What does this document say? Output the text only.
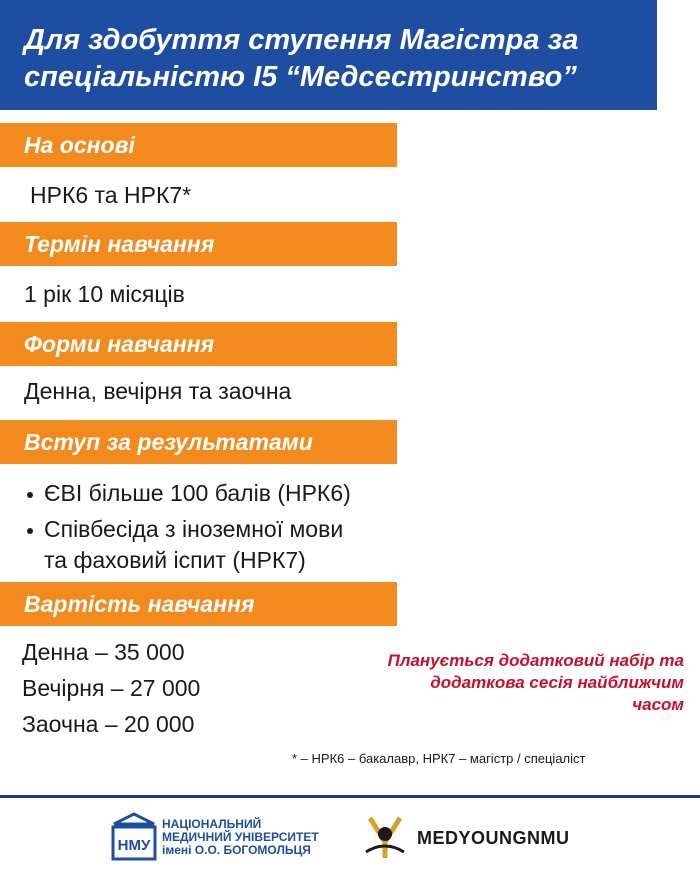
Для здобуття ступення Магістра за
спеціальністю І5 “Медсестринство”
На основі
НРК6 та НРК7*
Термін навчання
1 рік 10 місяців
Форми навчання
Денна, вечірня та заочна
Вступ за результатами
ЄВІ більше 100 балів (НРК6)
Співбесіда з іноземної мови
та фаховий іспит (НРК7)
Вартість навчання
Денна – 35 000
Вечірня – 27 000
Заочна – 20 000
Планується додатковий набір та
додаткова сесія найближчим
часом
* – НРК6 – бакалавр, НРК7 – магістр / спеціаліст
НМУ
НАЦІОНАЛЬНИЙ
МЕДИЧНИЙ УНІВЕРСИТЕТ
імені О.О. БОГОМОЛЬЦЯ
MEDYOUNGNMU
